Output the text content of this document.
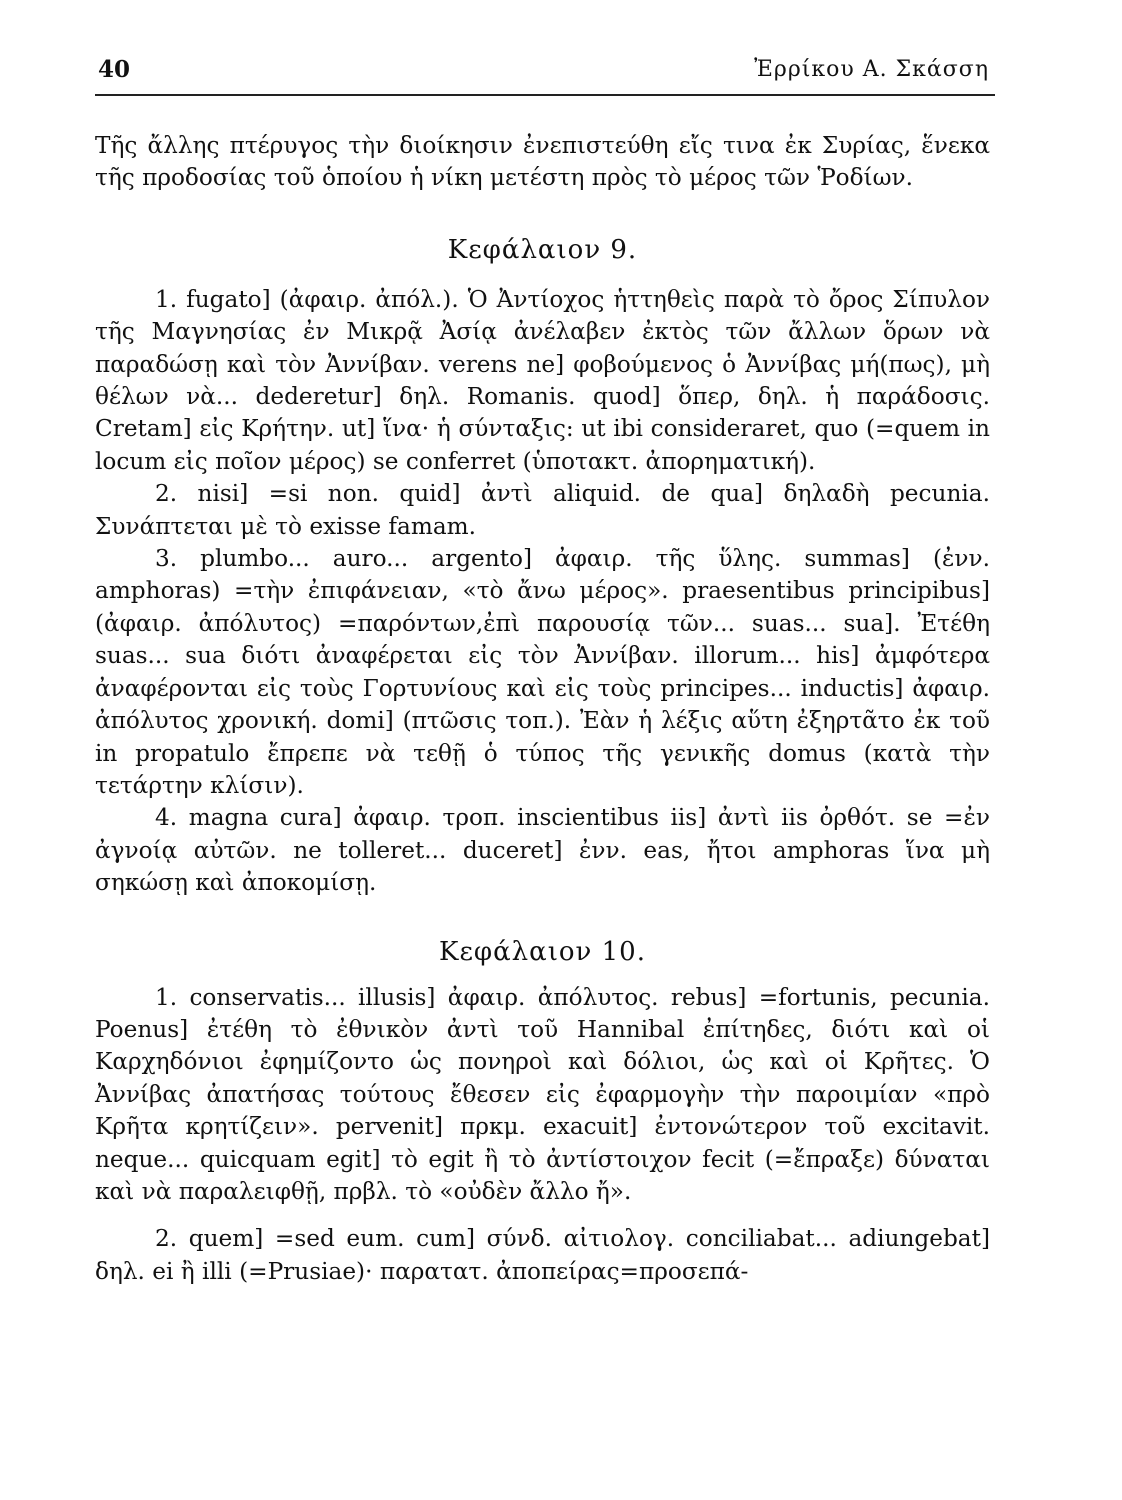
40	Ἐρρίκου Α. Σκάσση

Τῆς ἄλλης πτέρυγος τὴν διοίκησιν ἐνεπιστεύθη εἴς τινα ἐκ Συρίας, ἕνεκα τῆς προδοσίας τοῦ ὁποίου ἡ νίκη μετέστη πρὸς τὸ μέρος τῶν Ῥοδίων.

Κεφάλαιον 9.

1. fugato] (ἀφαιρ. ἀπόλ.). Ὁ Ἀντίοχος ἡττηθεὶς παρὰ τὸ ὄρος Σίπυλον τῆς Μαγνησίας ἐν Μικρᾷ Ἀσίᾳ ἀνέλαβεν ἐκτὸς τῶν ἄλλων ὅρων νὰ παραδώσῃ καὶ τὸν Ἀννίβαν. verens ne] φοβούμενος ὁ Ἀννίβας μή(πως), μὴ θέλων νὰ... dederetur] δηλ. Romanis. quod] ὅπερ, δηλ. ἡ παράδοσις. Cretam] εἰς Κρήτην. ut] ἵνα· ἡ σύνταξις: ut ibi consideraret, quo (=quem in locum εἰς ποῖον μέρος) se conferret (ὑποτακτ. ἀπορηματική).

2. nisi] =si non. quid] ἀντὶ aliquid. de qua] δηλαδὴ pecunia. Συνάπτεται μὲ τὸ exisse famam.

3. plumbo... auro... argento] ἀφαιρ. τῆς ὕλης. summas] (ἐνν. amphoras) =τὴν ἐπιφάνειαν, «τὸ ἄνω μέρος». praesentibus principibus] (ἀφαιρ. ἀπόλυτος) =παρόντων,ἐπὶ παρουσίᾳ τῶν... suas... sua]. Ἐτέθη suas... sua διότι ἀναφέρεται εἰς τὸν Ἀννίβαν. illorum... his] ἀμφότερα ἀναφέρονται εἰς τοὺς Γορτυνίους καὶ εἰς τοὺς principes... inductis] ἀφαιρ. ἀπόλυτος χρονική. domi] (πτῶσις τοπ.). Ἐὰν ἡ λέξις αὕτη ἐξηρτᾶτο ἐκ τοῦ in propatulo ἔπρεπε νὰ τεθῇ ὁ τύπος τῆς γενικῆς domus (κατὰ τὴν τετάρτην κλίσιν).

4. magna cura] ἀφαιρ. τροπ. inscientibus iis] ἀντὶ iis ὀρθότ. se =ἐν ἀγνοίᾳ αὐτῶν. ne tolleret... duceret] ἐνν. eas, ἤτοι amphoras ἵνα μὴ σηκώσῃ καὶ ἀποκομίσῃ.

Κεφάλαιον 10.

1. conservatis... illusis] ἀφαιρ. ἀπόλυτος. rebus] =fortunis, pecunia. Poenus] ἐτέθη τὸ ἐθνικὸν ἀντὶ τοῦ Hannibal ἐπίτηδες, διότι καὶ οἱ Καρχηδόνιοι ἐφημίζοντο ὡς πονηροὶ καὶ δόλιοι, ὡς καὶ οἱ Κρῆτες. Ὁ Ἀννίβας ἀπατήσας τούτους ἔθεσεν εἰς ἐφαρμογὴν τὴν παροιμίαν «πρὸ Κρῆτα κρητίζειν». pervenit] πρκμ. exacuit] ἐντονώτερον τοῦ excitavit. neque... quicquam egit] τὸ egit ἢ τὸ ἀντίστοιχον fecit (=ἔπραξε) δύναται καὶ νὰ παραλειφθῇ, πρβλ. τὸ «οὐδὲν ἄλλο ἤ».

2. quem] =sed eum. cum] σύνδ. αἰτιολογ. conciliabat... adiungebat] δηλ. ei ἢ illi (=Prusiae)· παρατατ. ἀποπείρας=προσεπά-
